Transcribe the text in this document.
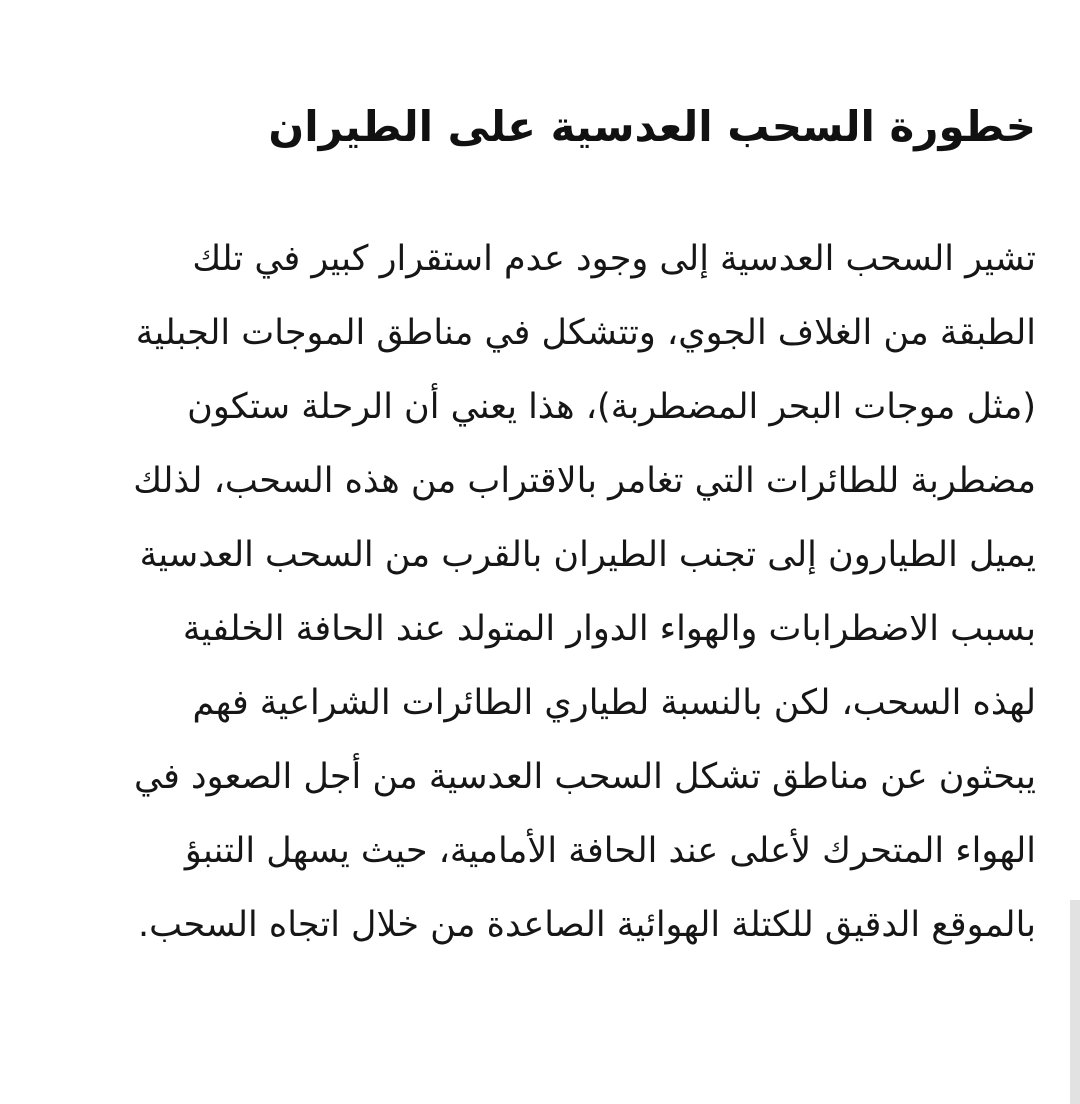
خطورة السحب العدسية على الطيران
تشير السحب العدسية إلى وجود عدم استقرار كبير في تلك
الطبقة من الغلاف الجوي، وتتشكل في مناطق الموجات الجبلية
(مثل موجات البحر المضطربة)، هذا يعني أن الرحلة ستكون
مضطربة للطائرات التي تغامر بالاقتراب من هذه السحب، لذلك
يميل الطيارون إلى تجنب الطيران بالقرب من السحب العدسية
بسبب الاضطرابات والهواء الدوار المتولد عند الحافة الخلفية
لهذه السحب، لكن بالنسبة لطياري الطائرات الشراعية فهم
يبحثون عن مناطق تشكل السحب العدسية من أجل الصعود في
الهواء المتحرك لأعلى عند الحافة الأمامية، حيث يسهل التنبؤ
بالموقع الدقيق للكتلة الهوائية الصاعدة من خلال اتجاه السحب.
